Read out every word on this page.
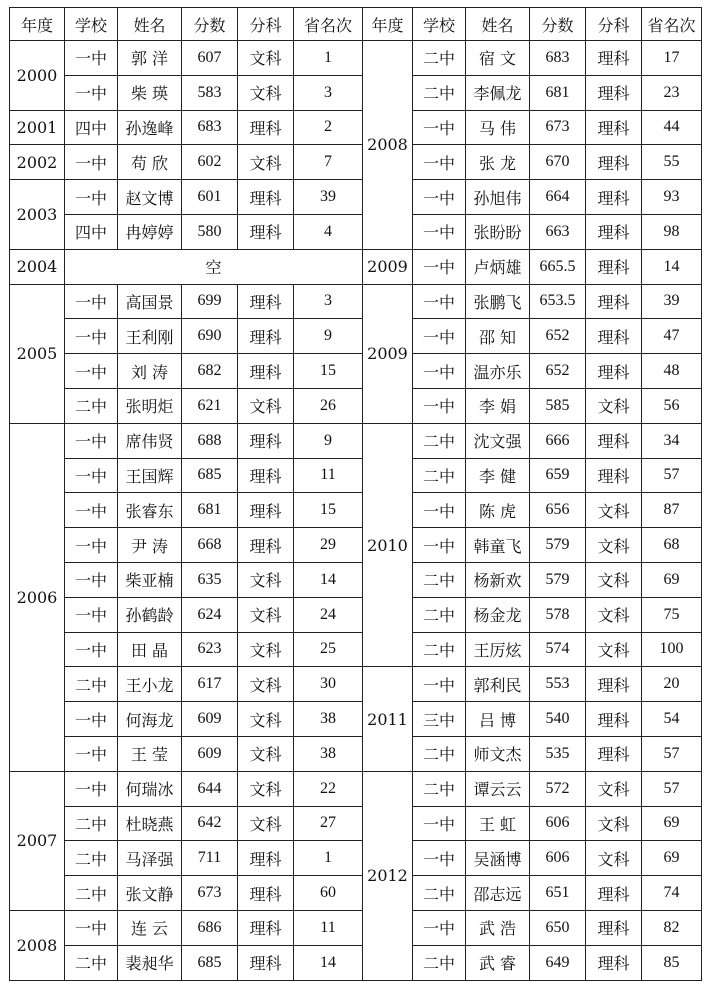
年度	学校	姓名	分数	分科	省名次	年度	学校	姓名	分数	分科	省名次
2000	一中	郭 洋	607	文科	1	2008	二中	宿 文	683	理科	17
	一中	柴 瑛	583	文科	3		二中	李佩龙	681	理科	23
2001	四中	孙逸峰	683	理科	2		一中	马 伟	673	理科	44
2002	一中	苟 欣	602	文科	7		一中	张 龙	670	理科	55
2003	一中	赵文博	601	理科	39		一中	孙旭伟	664	理科	93
	四中	冉婷婷	580	理科	4		一中	张盼盼	663	理科	98
2004	空					2009	一中	卢炳雄	665.5	理科	14
2005	一中	高国景	699	理科	3	2009	一中	张鹏飞	653.5	理科	39
	一中	王利刚	690	理科	9		一中	邵 知	652	理科	47
	一中	刘 涛	682	理科	15		一中	温亦乐	652	理科	48
	二中	张明炬	621	文科	26		一中	李 娟	585	文科	56
2006	一中	席伟贤	688	理科	9	2010	二中	沈文强	666	理科	34
	一中	王国辉	685	理科	11		二中	李 健	659	理科	57
	一中	张睿东	681	理科	15		一中	陈 虎	656	文科	87
	一中	尹 涛	668	理科	29		一中	韩童飞	579	文科	68
	一中	柴亚楠	635	文科	14		二中	杨新欢	579	文科	69
	一中	孙鹤龄	624	文科	24		二中	杨金龙	578	文科	75
	一中	田 晶	623	文科	25		二中	王厉炫	574	文科	100
	二中	王小龙	617	文科	30	2011	一中	郭利民	553	理科	20
	一中	何海龙	609	文科	38		三中	吕 博	540	理科	54
	一中	王 莹	609	文科	38		二中	师文杰	535	理科	57
2007	一中	何瑞冰	644	文科	22	2012	二中	谭云云	572	文科	57
	二中	杜晓燕	642	文科	27		一中	王 虹	606	文科	69
	二中	马泽强	711	理科	1		一中	吴涵博	606	文科	69
	二中	张文静	673	理科	60		二中	邵志远	651	理科	74
2008	一中	连 云	686	理科	11		一中	武 浩	650	理科	82
	二中	裴昶华	685	理科	14		二中	武 睿	649	理科	85
